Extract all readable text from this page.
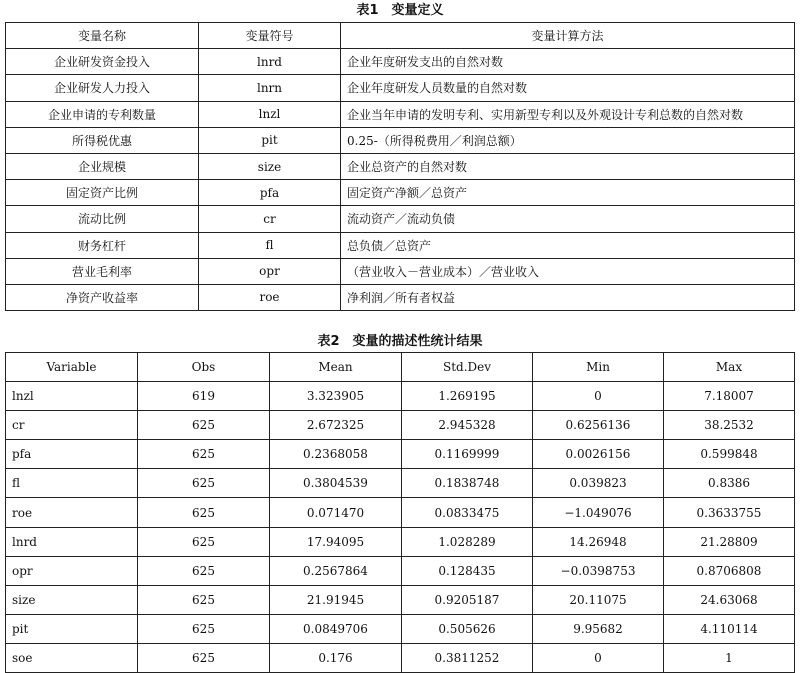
表1　变量定义
变量名称	变量符号	变量计算方法
企业研发资金投入	lnrd	企业年度研发支出的自然对数
企业研发人力投入	lnrn	企业年度研发人员数量的自然对数
企业申请的专利数量	lnzl	企业当年申请的发明专利、实用新型专利以及外观设计专利总数的自然对数
所得税优惠	pit	0.25-（所得税费用／利润总额）
企业规模	size	企业总资产的自然对数
固定资产比例	pfa	固定资产净额／总资产
流动比例	cr	流动资产／流动负债
财务杠杆	fl	总负债／总资产
营业毛利率	opr	（营业收入－营业成本）／营业收入
净资产收益率	roe	净利润／所有者权益
表2　变量的描述性统计结果
Variable	Obs	Mean	Std.Dev	Min	Max
lnzl	619	3.323905	1.269195	0	7.18007
cr	625	2.672325	2.945328	0.6256136	38.2532
pfa	625	0.2368058	0.1169999	0.0026156	0.599848
fl	625	0.3804539	0.1838748	0.039823	0.8386
roe	625	0.071470	0.0833475	−1.049076	0.3633755
lnrd	625	17.94095	1.028289	14.26948	21.28809
opr	625	0.2567864	0.128435	−0.0398753	0.8706808
size	625	21.91945	0.9205187	20.11075	24.63068
pit	625	0.0849706	0.505626	9.95682	4.110114
soe	625	0.176	0.3811252	0	1
